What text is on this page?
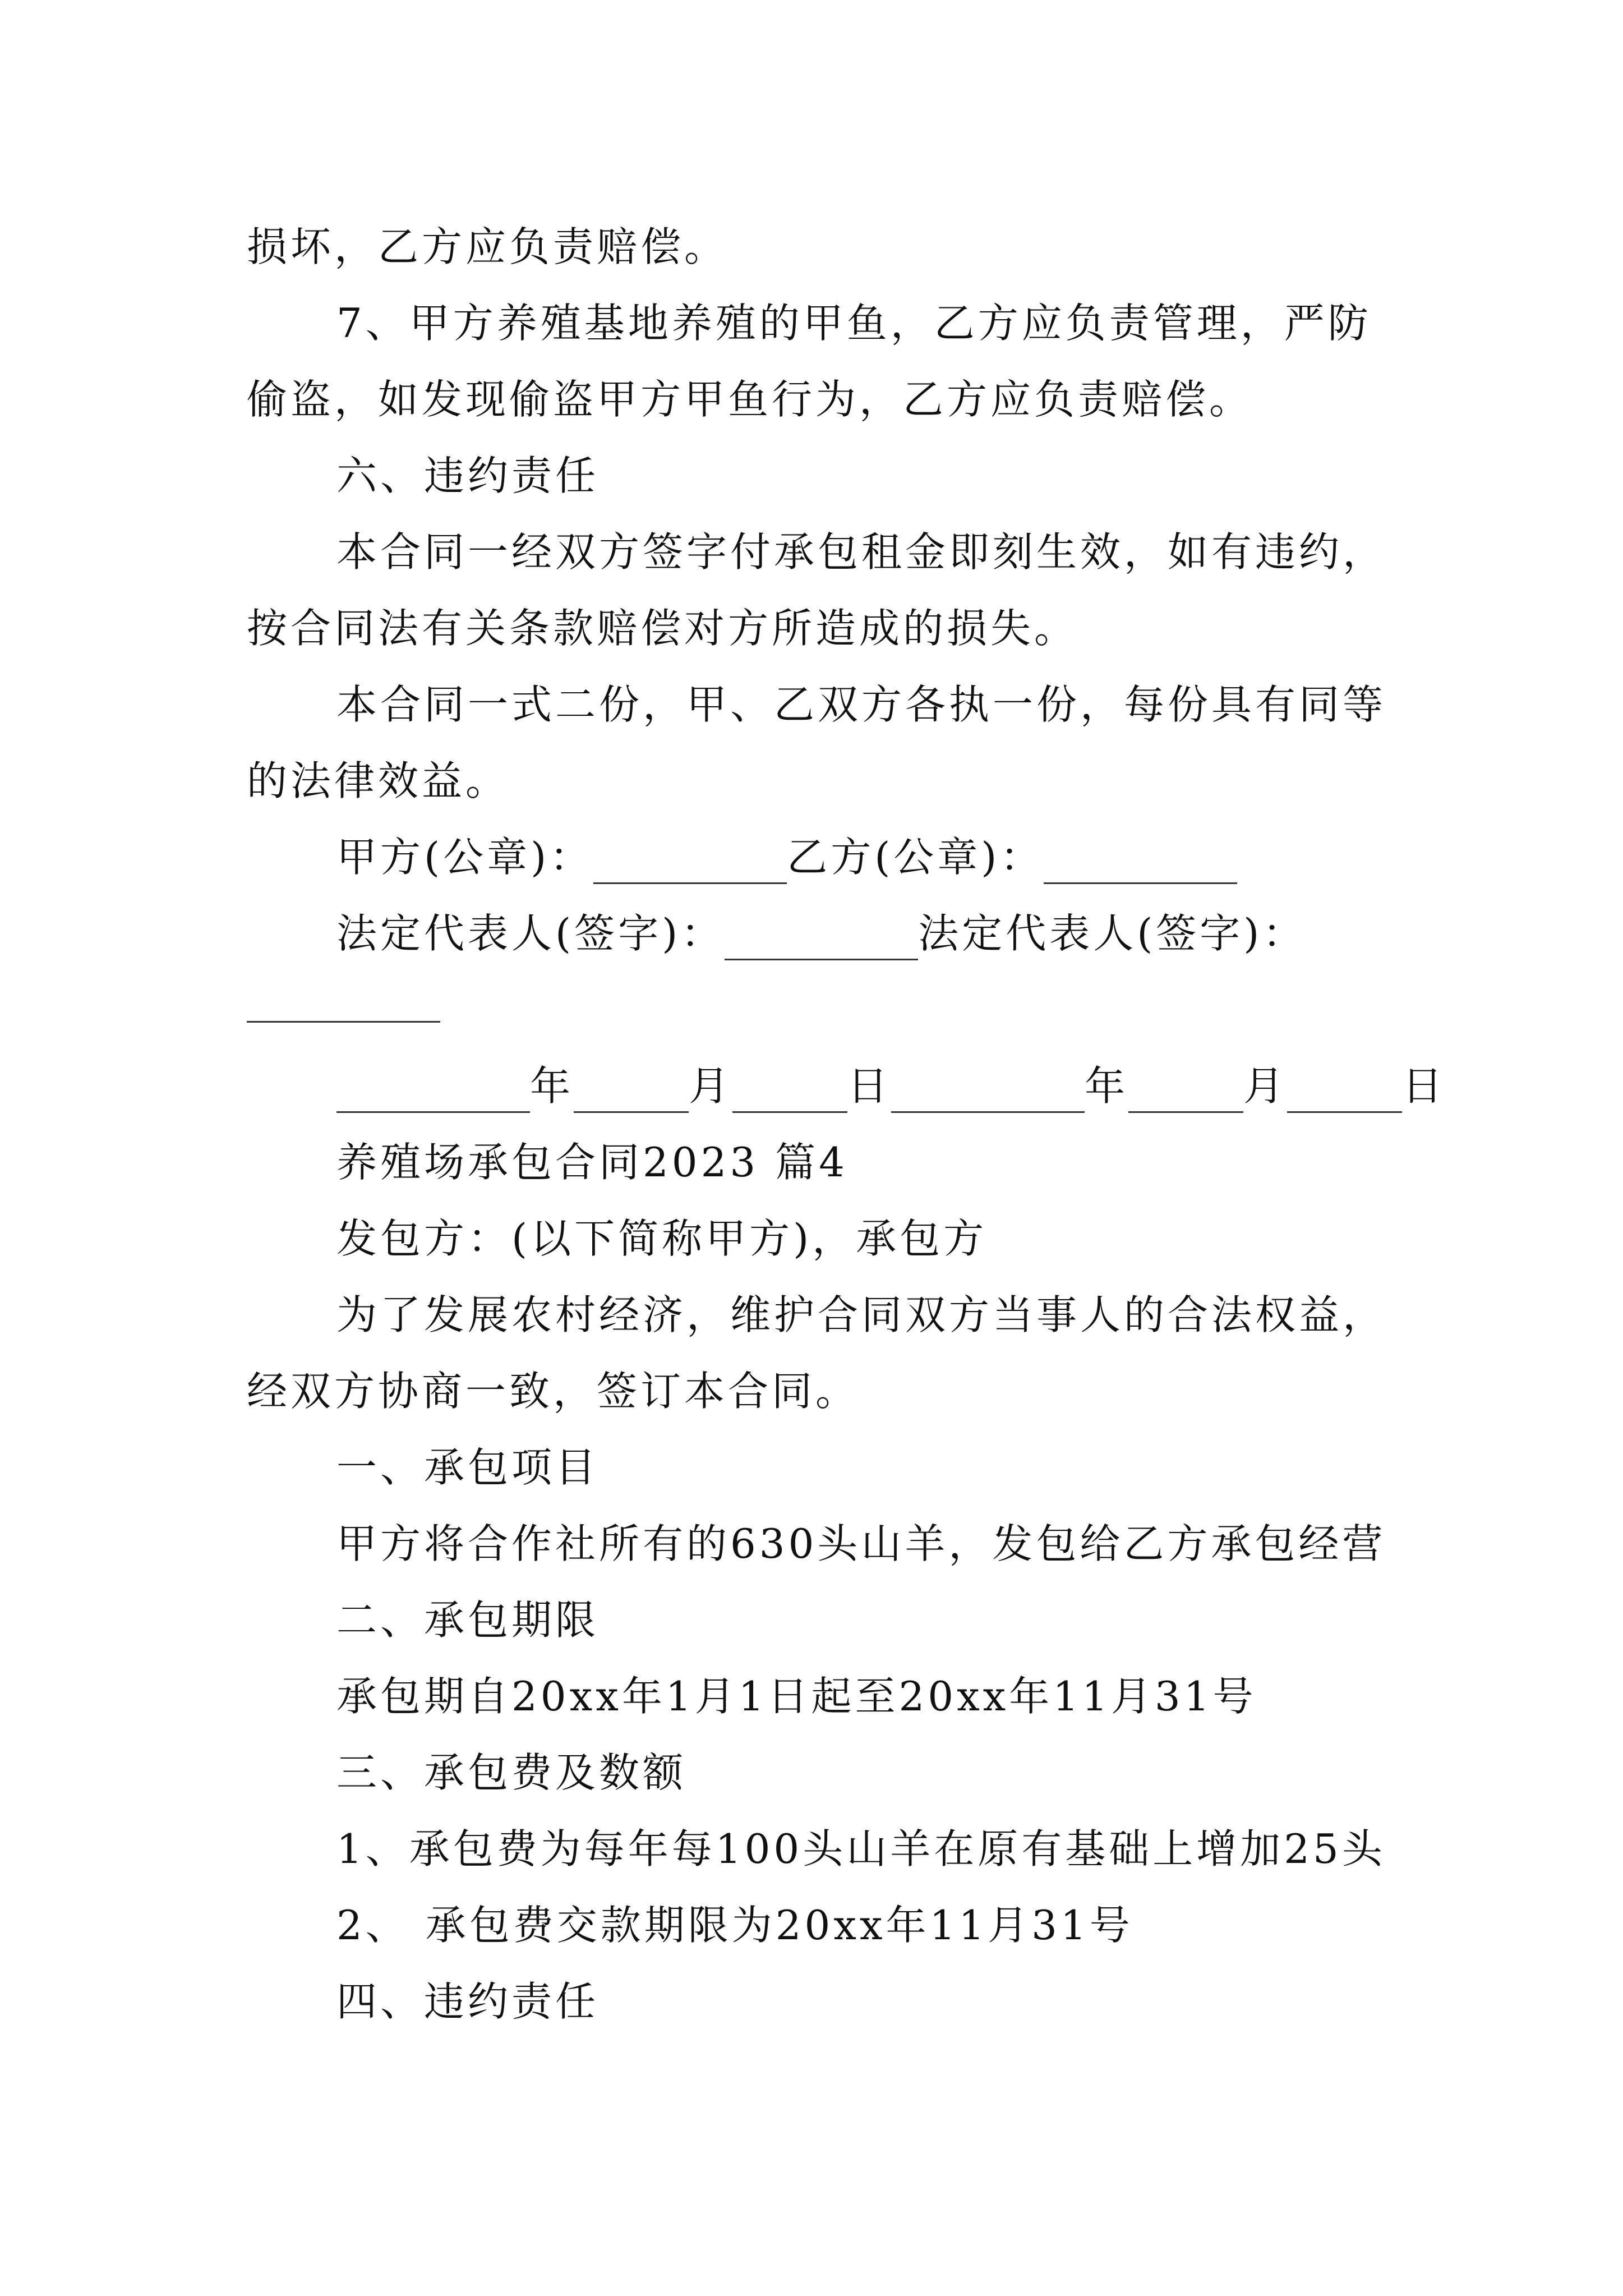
损坏，乙方应负责赔偿。
7、甲方养殖基地养殖的甲鱼，乙方应负责管理，严防
偷盗，如发现偷盗甲方甲鱼行为，乙方应负责赔偿。
六、违约责任
本合同一经双方签字付承包租金即刻生效，如有违约，
按合同法有关条款赔偿对方所造成的损失。
本合同一式二份，甲、乙双方各执一份，每份具有同等
的法律效益。
甲方(公章)：	乙方(公章)：
法定代表人(签字)：	法定代表人(签字)：
年	月	日	年	月	日
养殖场承包合同2023 篇4
发包方：(以下简称甲方)，承包方
为了发展农村经济，维护合同双方当事人的合法权益，
经双方协商一致，签订本合同。
一、承包项目
甲方将合作社所有的630头山羊，发包给乙方承包经营
二、承包期限
承包期自20xx年1月1日起至20xx年11月31号
三、承包费及数额
1、承包费为每年每100头山羊在原有基础上增加25头
2、 承包费交款期限为20xx年11月31号
四、违约责任
